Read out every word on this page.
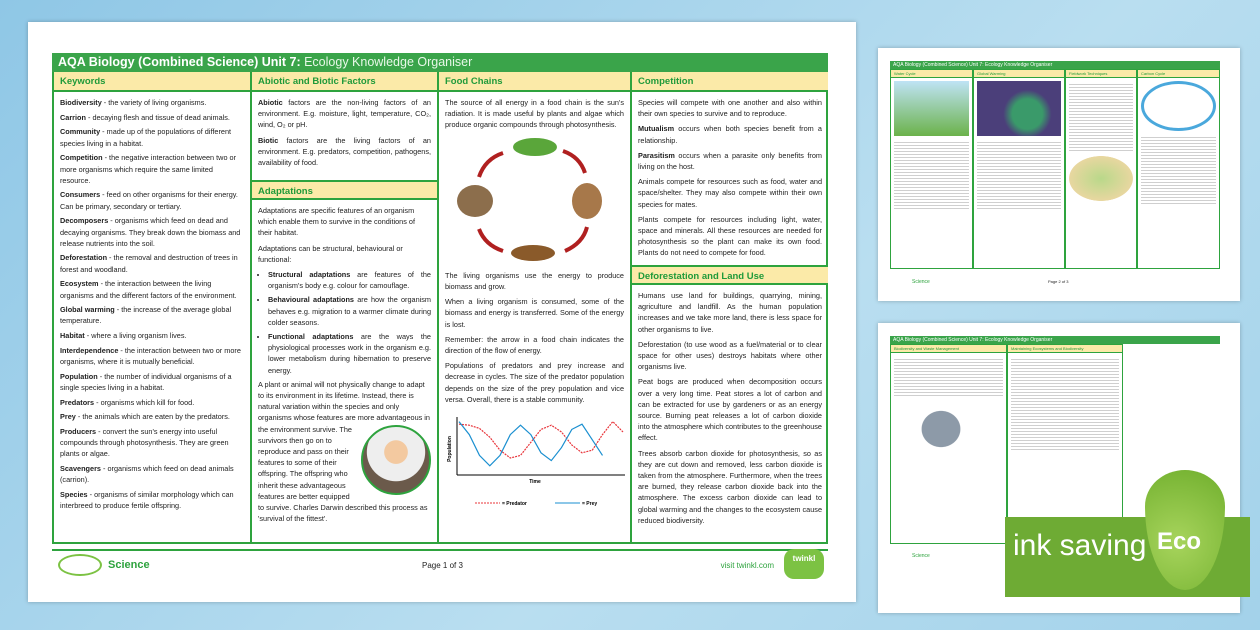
AQA Biology (Combined Science) Unit 7: Ecology Knowledge Organiser
Keywords

Biodiversity - the variety of living organisms.

Carrion - decaying flesh and tissue of dead animals.

Community - made up of the populations of different species living in a habitat.

Competition - the negative interaction between two or more organisms which require the same limited resource.

Consumers - feed on other organisms for their energy. Can be primary, secondary or tertiary.

Decomposers - organisms which feed on dead and decaying organisms. They break down the biomass and release nutrients into the soil.

Deforestation - the removal and destruction of trees in forest and woodland.

Ecosystem - the interaction between the living organisms and the different factors of the environment.

Global warming - the increase of the average global temperature.

Habitat - where a living organism lives.

Interdependence - the interaction between two or more organisms, where it is mutually beneficial.

Population - the number of individual organisms of a single species living in a habitat.

Predators - organisms which kill for food.

Prey - the animals which are eaten by the predators.

Producers - convert the sun's energy into useful compounds through photosynthesis. They are green plants or algae.

Scavengers - organisms which feed on dead animals (carrion).

Species - organisms of similar morphology which can interbreed to produce fertile offspring.

Abiotic and Biotic Factors

Abiotic factors are the non-living factors of an environment. E.g. moisture, light, temperature, CO₂, wind, O₂ or pH.

Biotic factors are the living factors of an environment. E.g. predators, competition, pathogens, availability of food.

Adaptations

Adaptations are specific features of an organism which enable them to survive in the conditions of their habitat.

Adaptations can be structural, behavioural or functional:

• Structural adaptations are features of the organism's body e.g. colour for camouflage.
• Behavioural adaptations are how the organism behaves e.g. migration to a warmer climate during colder seasons.
• Functional adaptations are the ways the physiological processes work in the organism e.g. lower metabolism during hibernation to preserve energy.

A plant or animal will not physically change to adapt to its environment in its lifetime. Instead, there is natural variation within the species and only organisms whose features are more advantageous in the environment survive. The survivors then go on to reproduce and pass on their features to some of their offspring. The offspring who inherit these advantageous features are better equipped to survive. Charles Darwin described this process as 'survival of the fittest'.

Food Chains

The source of all energy in a food chain is the sun's radiation. It is made useful by plants and algae which produce organic compounds through photosynthesis.

The living organisms use the energy to produce biomass and grow.

When a living organism is consumed, some of the biomass and energy is transferred. Some of the energy is lost.

Remember: the arrow in a food chain indicates the direction of the flow of energy.

Populations of predators and prey increase and decrease in cycles. The size of the predator population depends on the size of the prey population and vice versa. Overall, there is a stable community.

Population
Time
= Predator	= Prey
Competition

Species will compete with one another and also within their own species to survive and to reproduce.

Mutualism occurs when both species benefit from a relationship.

Parasitism occurs when a parasite only benefits from living on the host.

Animals compete for resources such as food, water and space/shelter. They may also compete within their own species for mates.

Plants compete for resources including light, water, space and minerals. All these resources are needed for photosynthesis so the plant can make its own food. Plants do not need to compete for food.

Deforestation and Land Use

Humans use land for buildings, quarrying, mining, agriculture and landfill. As the human population increases and we take more land, there is less space for other organisms to live.

Deforestation (to use wood as a fuel/material or to clear space for other uses) destroys habitats where other organisms live.

Peat bogs are produced when decomposition occurs over a very long time. Peat stores a lot of carbon and can be extracted for use by gardeners or as an energy source. Burning peat releases a lot of carbon dioxide into the atmosphere which contributes to the greenhouse effect.

Trees absorb carbon dioxide for photosynthesis, so as they are cut down and removed, less carbon dioxide is taken from the atmosphere. Furthermore, when the trees are burned, they release carbon dioxide back into the atmosphere. The excess carbon dioxide can lead to global warming and the changes to the ecosystem cause reduced biodiversity.

Science	Page 1 of 3	visit twinkl.com
twinkl
AQA Biology (Combined Science) Unit 7: Ecology Knowledge Organiser
Water Cycle	Global Warming	Fieldwork Techniques	Carbon Cycle
Science	Page 2 of 3
AQA Biology (Combined Science) Unit 7: Ecology Knowledge Organiser
Biodiversity and Waste Management	Maintaining Ecosystems and Biodiversity
Science	ink saving Eco
